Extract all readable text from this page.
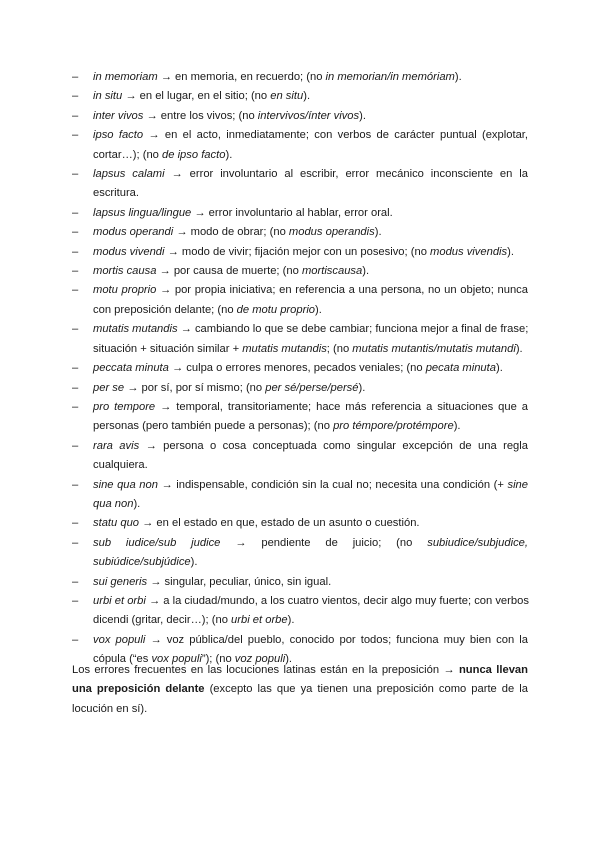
– in memoriam → en memoria, en recuerdo; (no in memorian/in memóriam).
– in situ → en el lugar, en el sitio; (no en situ).
– inter vivos → entre los vivos; (no intervivos/ínter vivos).
– ipso facto → en el acto, inmediatamente; con verbos de carácter puntual (explotar,
cortar…); (no de ipso facto).
– lapsus calami → error involuntario al escribir, error mecánico inconsciente en la
escritura.
– lapsus lingua/lingue → error involuntario al hablar, error oral.
– modus operandi → modo de obrar; (no modus operandis).
– modus vivendi → modo de vivir; fijación mejor con un posesivo; (no modus vivendis).
– mortis causa → por causa de muerte; (no mortiscausa).
– motu proprio → por propia iniciativa; en referencia a una persona, no un objeto; nunca
con preposición delante; (no de motu proprio).
– mutatis mutandis → cambiando lo que se debe cambiar; funciona mejor a final de frase;
situación + situación similar + mutatis mutandis; (no mutatis mutantis/mutatis mutandi).
– peccata minuta → culpa o errores menores, pecados veniales; (no pecata minuta).
– per se → por sí, por sí mismo; (no per sé/perse/persé).
– pro tempore → temporal, transitoriamente; hace más referencia a situaciones que a
personas (pero también puede a personas); (no pro témpore/protémpore).
– rara avis → persona o cosa conceptuada como singular excepción de una regla
cualquiera.
– sine qua non → indispensable, condición sin la cual no; necesita una condición (+ sine
qua non).
– statu quo → en el estado en que, estado de un asunto o cuestión.
– sub iudice/sub judice → pendiente de juicio; (no subiudice/subjudice,
subiúdice/subjúdice).
– sui generis → singular, peculiar, único, sin igual.
– urbi et orbi → a la ciudad/mundo, a los cuatro vientos, decir algo muy fuerte; con verbos
dicendi (gritar, decir…); (no urbi et orbe).
– vox populi → voz pública/del pueblo, conocido por todos; funciona muy bien con la
cópula (“es vox populi”); (no voz populi).
Los errores frecuentes en las locuciones latinas están en la preposición → nunca llevan
una preposición delante (excepto las que ya tienen una preposición como parte de la
locución en sí).
